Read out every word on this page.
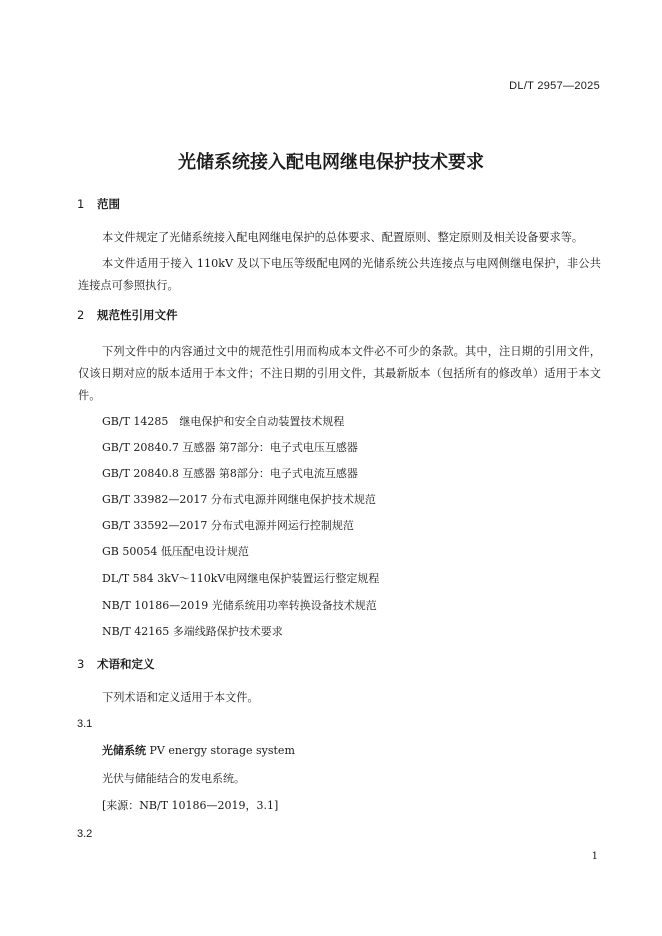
DL/T 2957—2025
光储系统接入配电网继电保护技术要求
1 范围
本文件规定了光储系统接入配电网继电保护的总体要求、配置原则、整定原则及相关设备要求等。
本文件适用于接入 110kV 及以下电压等级配电网的光储系统公共连接点与电网侧继电保护，非公共连接点可参照执行。
2 规范性引用文件
下列文件中的内容通过文中的规范性引用而构成本文件必不可少的条款。其中，注日期的引用文件，仅该日期对应的版本适用于本文件；不注日期的引用文件，其最新版本（包括所有的修改单）适用于本文件。
GB/T 14285　继电保护和安全自动装置技术规程
GB/T 20840.7 互感器 第7部分：电子式电压互感器
GB/T 20840.8 互感器 第8部分：电子式电流互感器
GB/T 33982—2017 分布式电源并网继电保护技术规范
GB/T 33592—2017 分布式电源并网运行控制规范
GB 50054 低压配电设计规范
DL/T 584 3kV～110kV电网继电保护装置运行整定规程
NB/T 10186—2019 光储系统用功率转换设备技术规范
NB/T 42165 多端线路保护技术要求
3 术语和定义
下列术语和定义适用于本文件。
3.1
光储系统 PV energy storage system
光伏与储能结合的发电系统。
[来源：NB/T 10186—2019，3.1]
3.2
1
